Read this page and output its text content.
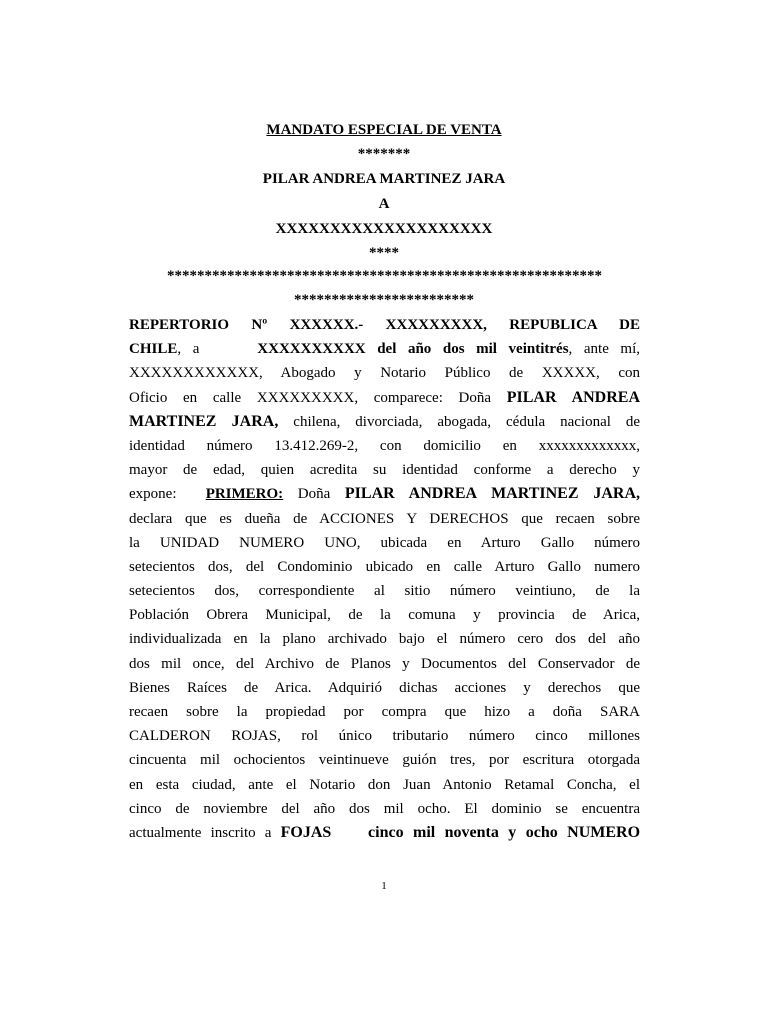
MANDATO ESPECIAL DE VENTA
*******
PILAR ANDREA MARTINEZ JARA
A
XXXXXXXXXXXXXXXXXXXX
****
**********************************************************
************************
REPERTORIO Nº XXXXXX.- XXXXXXXXX, REPUBLICA DE
CHILE, a	XXXXXXXXXX del año dos mil veintitrés, ante mí,
XXXXXXXXXXXX, Abogado y Notario Público de XXXXX, con
Oficio en calle XXXXXXXXX, comparece: Doña PILAR ANDREA
MARTINEZ JARA, chilena, divorciada, abogada, cédula nacional de
identidad número 13.412.269-2, con domicilio en xxxxxxxxxxxxx,
mayor de edad, quien acredita su identidad conforme a derecho y
expone: PRIMERO: Doña PILAR ANDREA MARTINEZ JARA,
declara que es dueña de ACCIONES Y DERECHOS que recaen sobre
la UNIDAD NUMERO UNO, ubicada en Arturo Gallo número
setecientos dos, del Condominio ubicado en calle Arturo Gallo numero
setecientos dos, correspondiente al sitio número veintiuno, de la
Población Obrera Municipal, de la comuna y provincia de Arica,
individualizada en la plano archivado bajo el número cero dos del año
dos mil once, del Archivo de Planos y Documentos del Conservador de
Bienes Raíces de Arica. Adquirió dichas acciones y derechos que
recaen sobre la propiedad por compra que hizo a doña SARA
CALDERON ROJAS, rol único tributario número cinco millones
cincuenta mil ochocientos veintinueve guión tres, por escritura otorgada
en esta ciudad, ante el Notario don Juan Antonio Retamal Concha, el
cinco de noviembre del año dos mil ocho. El dominio se encuentra
actualmente inscrito a FOJAS cinco mil noventa y ocho NUMERO
1
